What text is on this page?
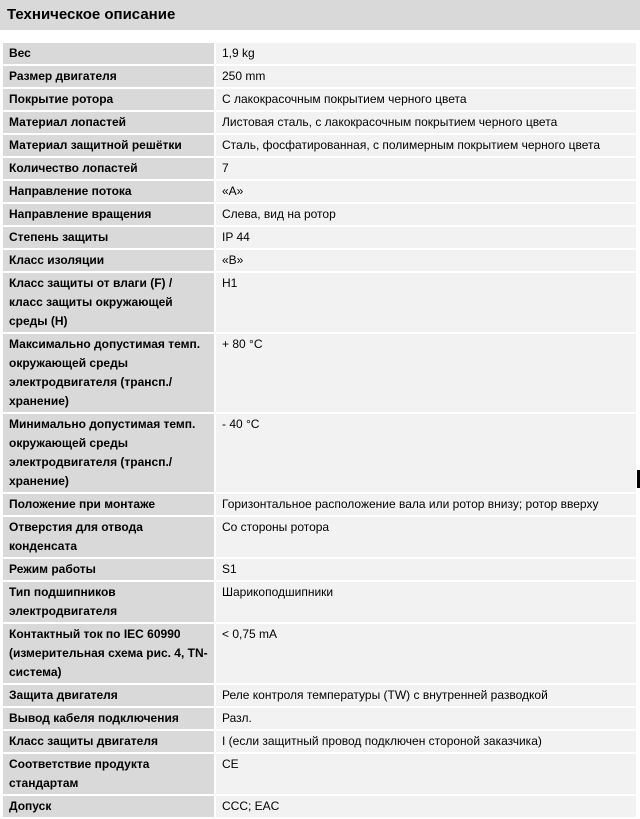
Техническое описание
Вес	1,9 kg
Размер двигателя	250 mm
Покрытие ротора	С лакокрасочным покрытием черного цвета
Материал лопастей	Листовая сталь, с лакокрасочным покрытием черного цвета
Материал защитной решётки	Сталь, фосфатированная, с полимерным покрытием черного цвета
Количество лопастей	7
Направление потока	«A»
Направление вращения	Слева, вид на ротор
Степень защиты	IP 44
Класс изоляции	«B»
Класс защиты от влаги (F) / класс защиты окружающей среды (H)	H1
Максимально допустимая темп. окружающей среды электродвигателя (трансп./хранение)	+ 80 °C
Минимально допустимая темп. окружающей среды электродвигателя (трансп./хранение)	- 40 °C
Положение при монтаже	Горизонтальное расположение вала или ротор внизу; ротор вверху
Отверстия для отвода конденсата	Со стороны ротора
Режим работы	S1
Тип подшипников электродвигателя	Шарикоподшипники
Контактный ток по IEC 60990 (измерительная схема рис. 4, TN-система)	< 0,75 mA
Защита двигателя	Реле контроля температуры (TW) с внутренней разводкой
Вывод кабеля подключения	Разл.
Класс защиты двигателя	I (если защитный провод подключен стороной заказчика)
Соответствие продукта стандартам	CE
Допуск	CCC; EAC
